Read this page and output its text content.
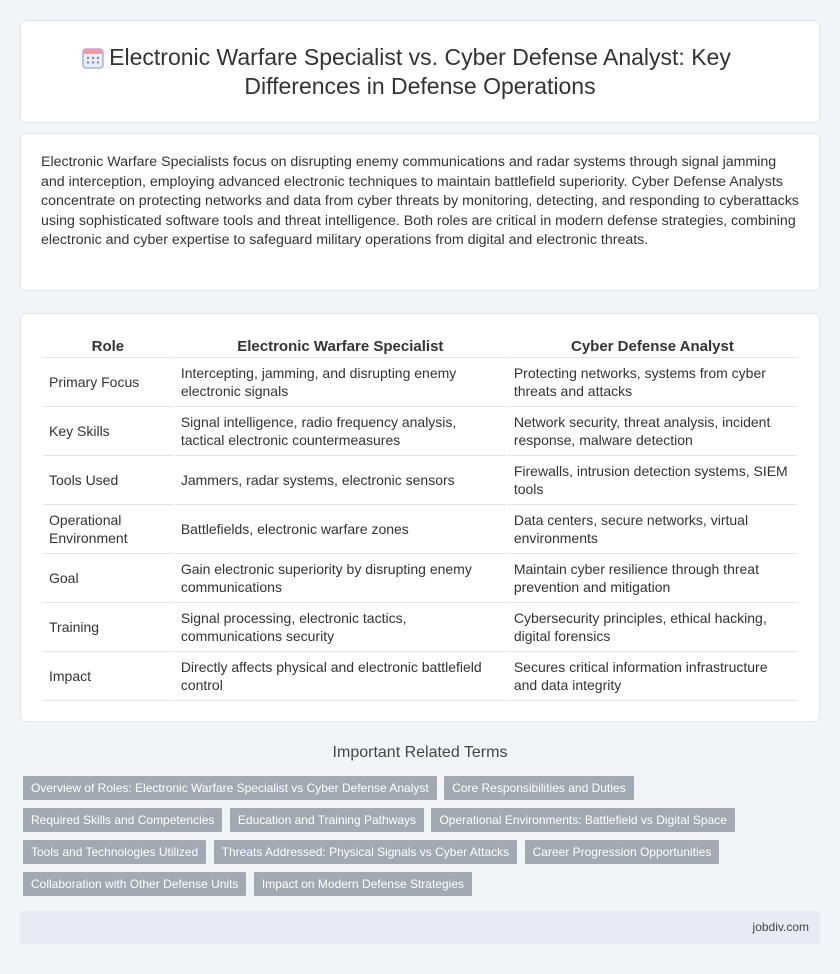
Electronic Warfare Specialist vs. Cyber Defense Analyst: Key Differences in Defense Operations

Electronic Warfare Specialists focus on disrupting enemy communications and radar systems through signal jamming and interception, employing advanced electronic techniques to maintain battlefield superiority. Cyber Defense Analysts concentrate on protecting networks and data from cyber threats by monitoring, detecting, and responding to cyberattacks using sophisticated software tools and threat intelligence. Both roles are critical in modern defense strategies, combining electronic and cyber expertise to safeguard military operations from digital and electronic threats.

Role	Electronic Warfare Specialist	Cyber Defense Analyst
Primary Focus	Intercepting, jamming, and disrupting enemy electronic signals	Protecting networks, systems from cyber threats and attacks
Key Skills	Signal intelligence, radio frequency analysis, tactical electronic countermeasures	Network security, threat analysis, incident response, malware detection
Tools Used	Jammers, radar systems, electronic sensors	Firewalls, intrusion detection systems, SIEM tools
Operational Environment	Battlefields, electronic warfare zones	Data centers, secure networks, virtual environments
Goal	Gain electronic superiority by disrupting enemy communications	Maintain cyber resilience through threat prevention and mitigation
Training	Signal processing, electronic tactics, communications security	Cybersecurity principles, ethical hacking, digital forensics
Impact	Directly affects physical and electronic battlefield control	Secures critical information infrastructure and data integrity
Important Related Terms
Overview of Roles: Electronic Warfare Specialist vs Cyber Defense Analyst Core Responsibilities and Duties Required Skills and Competencies Education and Training Pathways Operational Environments: Battlefield vs Digital Space Tools and Technologies Utilized Threats Addressed: Physical Signals vs Cyber Attacks Career Progression Opportunities Collaboration with Other Defense Units Impact on Modern Defense Strategies
jobdiv.com
